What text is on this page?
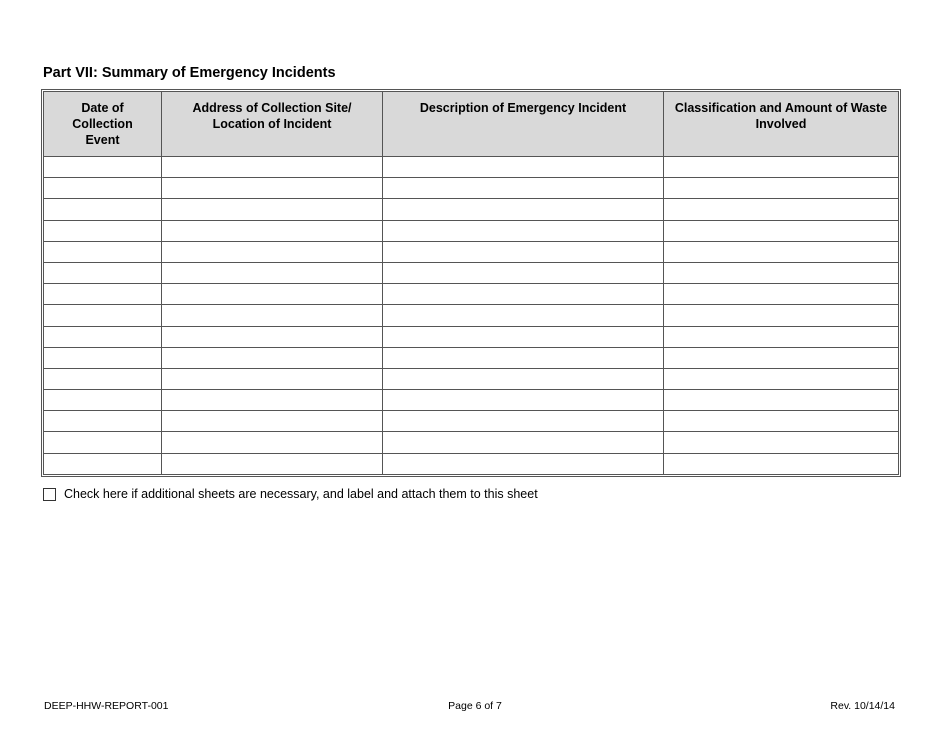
Part VII: Summary of Emergency Incidents
Date of Collection Event	Address of Collection Site/ Location of Incident	Description of Emergency Incident	Classification and Amount of Waste Involved

Check here if additional sheets are necessary, and label and attach them to this sheet
DEEP-HHW-REPORT-001	Page 6 of 7	Rev. 10/14/14
